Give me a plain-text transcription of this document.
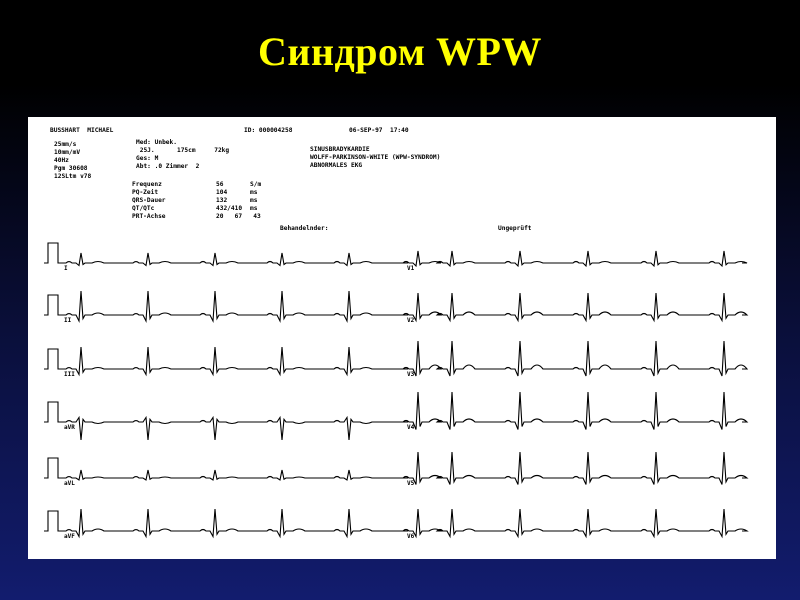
Синдром WPW
BUSSHART  MICHAEL	ID: 000004258	06-SEP-97  17:40
25mm/s
10mm/mV
40Hz
Pgm 30608
12SLtm v78
Med: Unbek.
25J.      175cm     72kg
Ges: M
Abt: .0 Zimmer  2
SINUSBRADYKARDIE
WOLFF-PARKINSON-WHITE (WPW-SYNDROM)
ABNORMALES EKG
Frequenz	56	S/m
PQ-Zeit	104	ms
QRS-Dauer	132	ms
QT/QTc	432/410 ms
PRT-Achse	20   67   43
Behandelnder:	Ungeprüft
I
II
III
aVR
aVL
aVF
V1
V2
V3
V4
V5
V6
